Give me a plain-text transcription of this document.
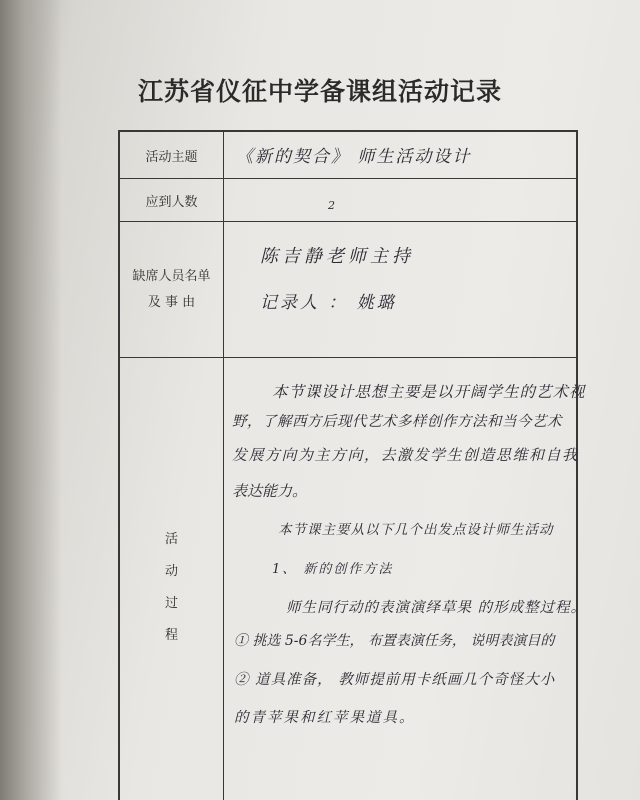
江苏省仪征中学备课组活动记录
活动主题	《新的契合》 师生活动设计
应到人数	2
缺席人员名单
及 事 由
陈吉静老师主持
记录人 ： 姚璐
活
动
过
程
本节课设计思想主要是以开阔学生的艺术视
野，了解西方后现代艺术多样创作方法和当今艺术
发展方向为主方向，去激发学生创造思维和自我
表达能力。
本节课主要从以下几个出发点设计师生活动
1、 新的创作方法
师生同行动的表演演绎草果 的形成整过程。
① 挑选 5-6名学生， 布置表演任务， 说明表演目的
② 道具准备， 教师提前用卡纸画几个奇怪大小
的青苹果和红苹果道具。
